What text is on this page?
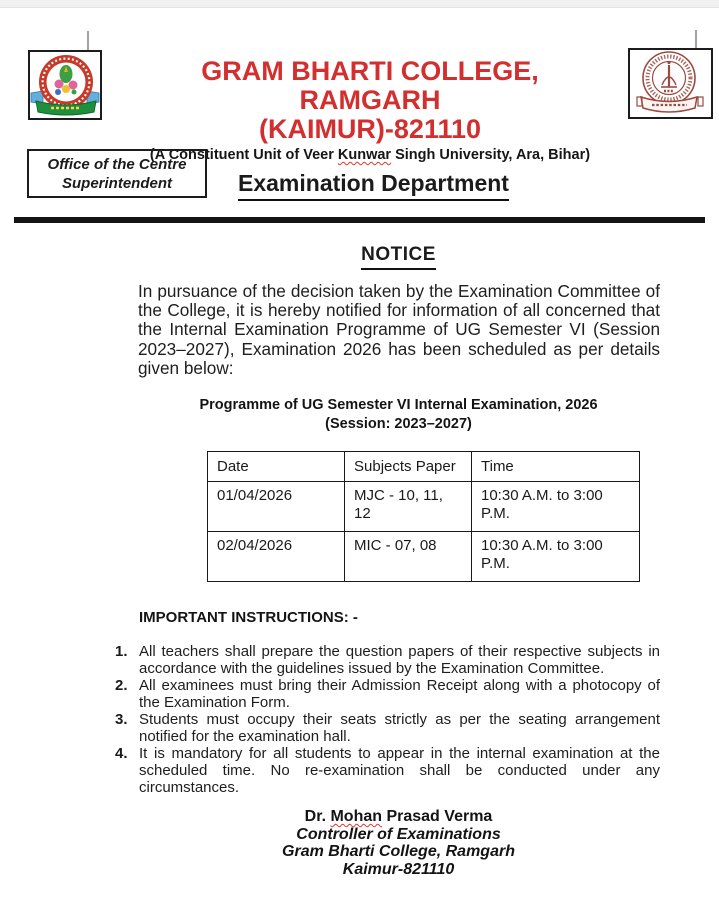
GRAM BHARTI COLLEGE, RAMGARH
(KAIMUR)-821110
(A Constituent Unit of Veer Kunwar Singh University, Ara, Bihar)
Office of the Centre
Superintendent	Examination Department
NOTICE

In pursuance of the decision taken by the Examination Committee of the College, it is hereby notified for information of all concerned that the Internal Examination Programme of UG Semester VI (Session 2023–2027), Examination 2026 has been scheduled as per details given below:

Programme of UG Semester VI Internal Examination, 2026
(Session: 2023–2027)
Date	Subjects Paper	Time
01/04/2026	MJC - 10, 11, 12	10:30 A.M. to 3:00 P.M.
02/04/2026	MIC - 07, 08	10:30 A.M. to 3:00 P.M.
IMPORTANT INSTRUCTIONS: -
1. All teachers shall prepare the question papers of their respective subjects in accordance with the guidelines issued by the Examination Committee.
2. All examinees must bring their Admission Receipt along with a photocopy of the Examination Form.
3. Students must occupy their seats strictly as per the seating arrangement notified for the examination hall.
4. It is mandatory for all students to appear in the internal examination at the scheduled time. No re-examination shall be conducted under any circumstances.
Dr. Mohan Prasad Verma
Controller of Examinations
Gram Bharti College, Ramgarh
Kaimur-821110
